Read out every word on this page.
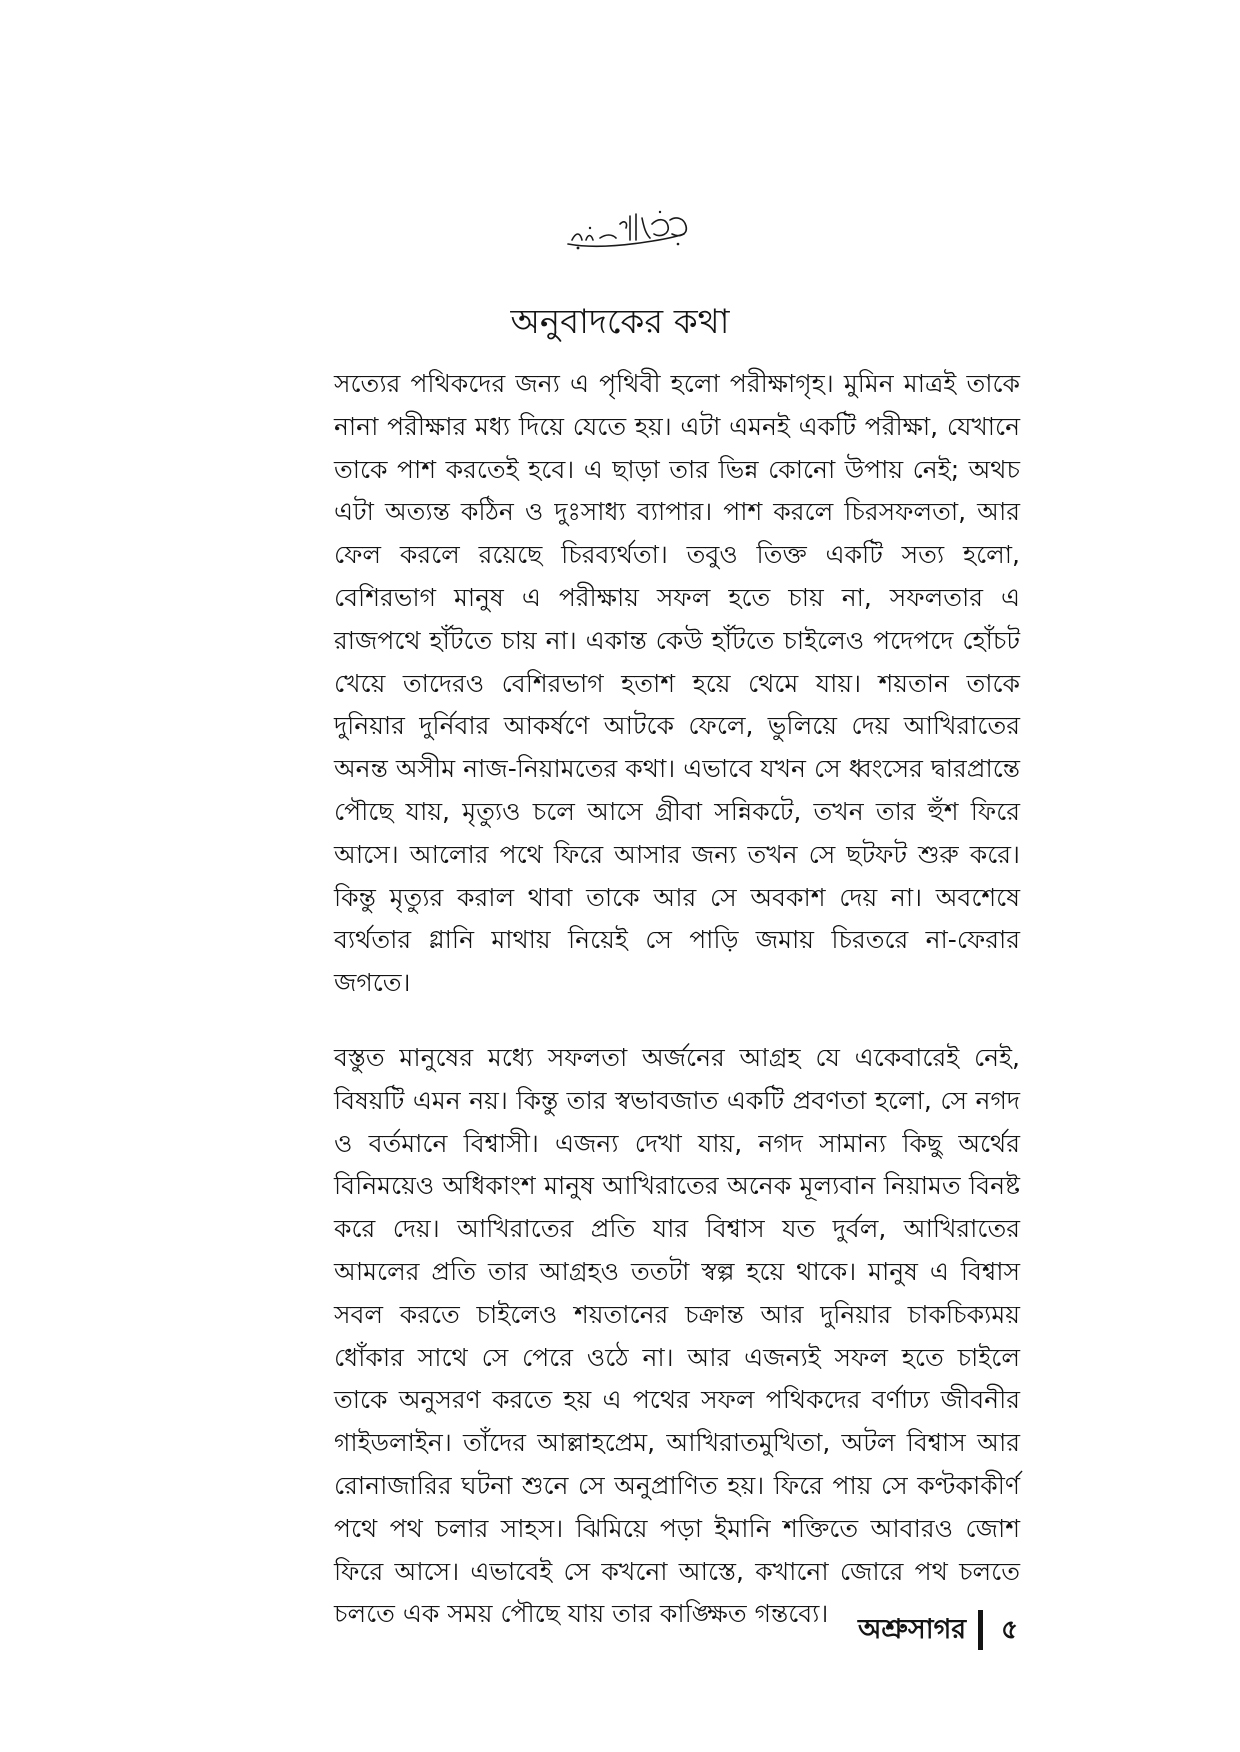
অনুবাদকের কথা

সত্যের পথিকদের জন্য এ পৃথিবী হলো পরীক্ষাগৃহ। মুমিন মাত্রই তাকে নানা পরীক্ষার মধ্য দিয়ে যেতে হয়। এটা এমনই একটি পরীক্ষা, যেখানে তাকে পাশ করতেই হবে। এ ছাড়া তার ভিন্ন কোনো উপায় নেই; অথচ এটা অত্যন্ত কঠিন ও দুঃসাধ্য ব্যাপার। পাশ করলে চিরসফলতা, আর ফেল করলে রয়েছে চিরব্যর্থতা। তবুও তিক্ত একটি সত্য হলো, বেশিরভাগ মানুষ এ পরীক্ষায় সফল হতে চায় না, সফলতার এ রাজপথে হাঁটতে চায় না। একান্ত কেউ হাঁটতে চাইলেও পদেপদে হোঁচট খেয়ে তাদেরও বেশিরভাগ হতাশ হয়ে থেমে যায়। শয়তান তাকে দুনিয়ার দুর্নিবার আকর্ষণে আটকে ফেলে, ভুলিয়ে দেয় আখিরাতের অনন্ত অসীম নাজ-নিয়ামতের কথা। এভাবে যখন সে ধ্বংসের দ্বারপ্রান্তে পৌছে যায়, মৃত্যুও চলে আসে গ্রীবা সন্নিকটে, তখন তার হুঁশ ফিরে আসে। আলোর পথে ফিরে আসার জন্য তখন সে ছটফট শুরু করে। কিন্তু মৃত্যুর করাল থাবা তাকে আর সে অবকাশ দেয় না। অবশেষে ব্যর্থতার গ্লানি মাথায় নিয়েই সে পাড়ি জমায় চিরতরে না-ফেরার জগতে।

বস্তুত মানুষের মধ্যে সফলতা অর্জনের আগ্রহ যে একেবারেই নেই, বিষয়টি এমন নয়। কিন্তু তার স্বভাবজাত একটি প্রবণতা হলো, সে নগদ ও বর্তমানে বিশ্বাসী। এজন্য দেখা যায়, নগদ সামান্য কিছু অর্থের বিনিময়েও অধিকাংশ মানুষ আখিরাতের অনেক মূল্যবান নিয়ামত বিনষ্ট করে দেয়। আখিরাতের প্রতি যার বিশ্বাস যত দুর্বল, আখিরাতের আমলের প্রতি তার আগ্রহও ততটা স্বল্প হয়ে থাকে। মানুষ এ বিশ্বাস সবল করতে চাইলেও শয়তানের চক্রান্ত আর দুনিয়ার চাকচিক্যময় ধোঁকার সাথে সে পেরে ওঠে না। আর এজন্যই সফল হতে চাইলে তাকে অনুসরণ করতে হয় এ পথের সফল পথিকদের বর্ণাঢ্য জীবনীর গাইডলাইন। তাঁদের আল্লাহপ্রেম, আখিরাতমুখিতা, অটল বিশ্বাস আর রোনাজারির ঘটনা শুনে সে অনুপ্রাণিত হয়। ফিরে পায় সে কণ্টকাকীর্ণ পথে পথ চলার সাহস। ঝিমিয়ে পড়া ইমানি শক্তিতে আবারও জোশ ফিরে আসে। এভাবেই সে কখনো আস্তে, কখানো জোরে পথ চলতে চলতে এক সময় পৌছে যায় তার কাঙ্ক্ষিত গন্তব্যে।

অশ্রুসাগর ৫
